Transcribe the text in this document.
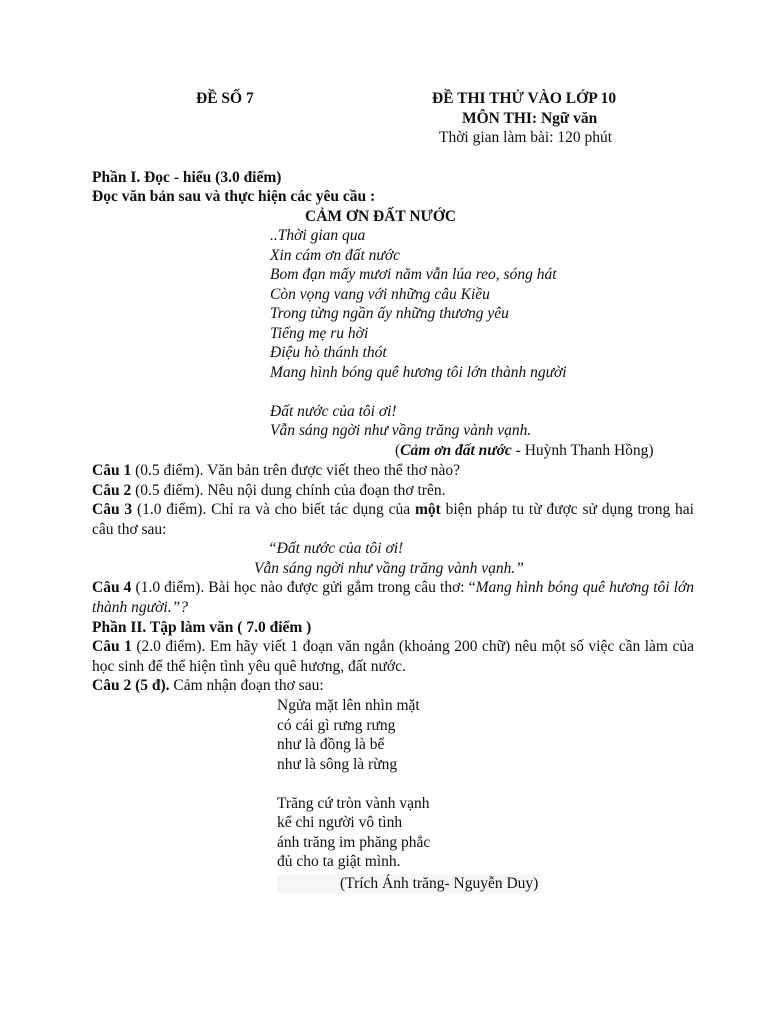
ĐỀ SỐ 7	ĐỀ THI THỬ VÀO LỚP 10
MÔN THI: Ngữ văn
Thời gian làm bài: 120 phút
Phần I. Đọc - hiểu (3.0 điểm)
Đọc văn bản sau và thực hiện các yêu cầu :
CẢM ƠN ĐẤT NƯỚC
..Thời gian qua
Xin cám ơn đất nước
Bom đạn mấy mươi năm vẫn lúa reo, sóng hát
Còn vọng vang với những câu Kiều
Trong từng ngần ấy những thương yêu
Tiếng mẹ ru hời
Điệu hò thánh thót
Mang hình bóng quê hương tôi lớn thành người
Đất nước của tôi ơi!
Vẫn sáng ngời như vầng trăng vành vạnh.
(Cảm ơn đất nước - Huỳnh Thanh Hồng)
Câu 1 (0.5 điểm). Văn bản trên được viết theo thể thơ nào?
Câu 2 (0.5 điểm). Nêu nội dung chính của đoạn thơ trên.
Câu 3 (1.0 điểm). Chỉ ra và cho biết tác dụng của một biện pháp tu từ được sử dụng trong hai câu thơ sau:
“Đất nước của tôi ơi!
Vẫn sáng ngời như vầng trăng vành vạnh.”
Câu 4 (1.0 điểm). Bài học nào được gửi gắm trong câu thơ: “Mang hình bóng quê hương tôi lớn thành người.”?
Phần II. Tập làm văn ( 7.0 điểm )
Câu 1 (2.0 điểm). Em hãy viết 1 đoạn văn ngắn (khoảng 200 chữ) nêu một số việc cần làm của học sinh để thể hiện tình yêu quê hương, đất nước.
Câu 2 (5 đ). Cảm nhận đoạn thơ sau:
Ngửa mặt lên nhìn mặt
có cái gì rưng rưng
như là đồng là bể
như là sông là rừng
Trăng cứ tròn vành vạnh
kể chi người vô tình
ánh trăng im phăng phắc
đủ cho ta giật mình.
(Trích Ánh trăng- Nguyễn Duy)
